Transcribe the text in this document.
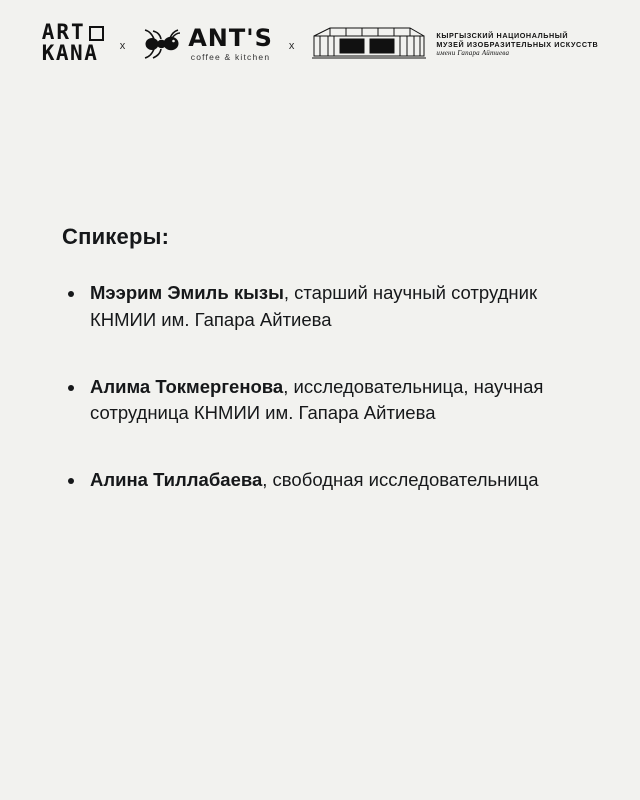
ART
KANA x	ANT'S
coffee & kitchen
x
КЫРГЫЗСКИЙ НАЦИОНАЛЬНЫЙ
МУЗЕЙ ИЗОБРАЗИТЕЛЬНЫХ ИСКУССТВ
имени Гапара Айтиева
Спикеры:
Мээрим Эмиль кызы, старший научный сотрудник КНМИИ им. Гапара Айтиева
Алима Токмергенова, исследовательница, научная сотрудница КНМИИ им. Гапара Айтиева
Алина Тиллабаева, свободная исследовательница
